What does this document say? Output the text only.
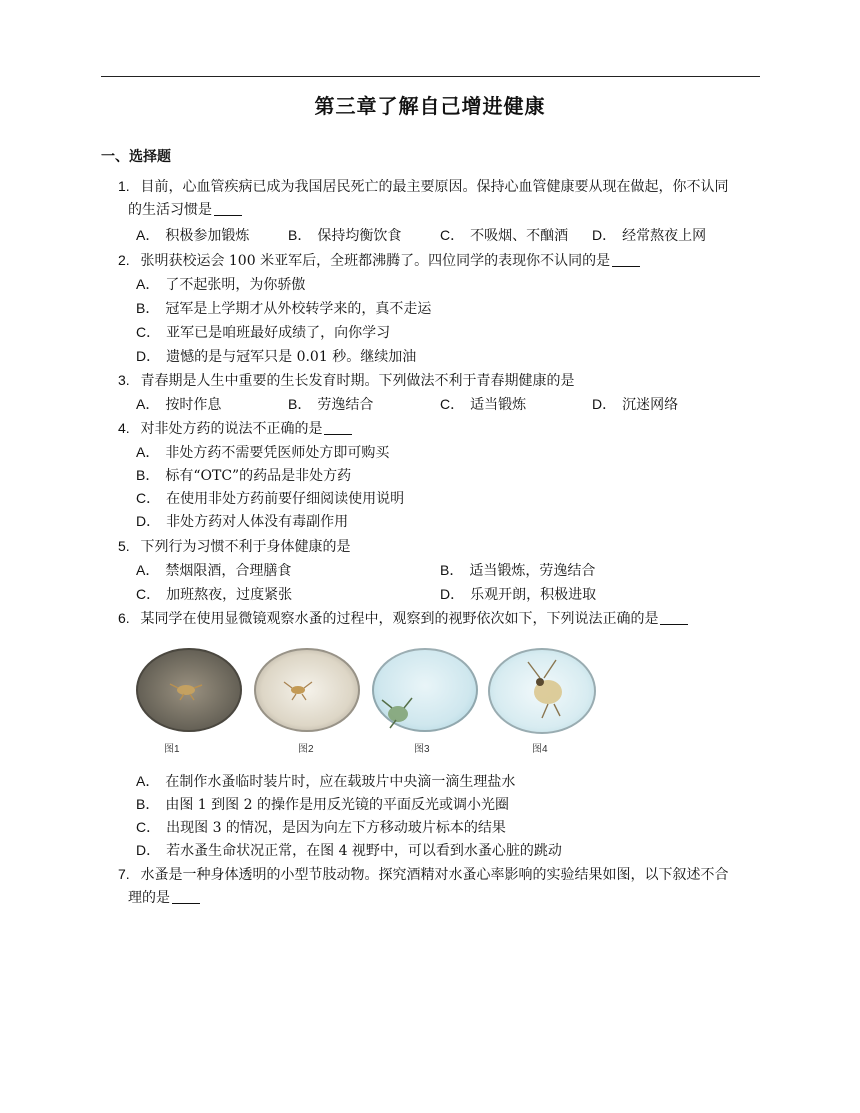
第三章了解自己增进健康
一、选择题
1. 目前，心血管疾病已成为我国居民死亡的最主要原因。保持心血管健康要从现在做起，你不认同
的生活习惯是
A． 积极参加锻炼	B． 保持均衡饮食	C． 不吸烟、不酗酒 D． 经常熬夜上网
2. 张明获校运会 100 米亚军后，全班都沸腾了。四位同学的表现你不认同的是
A． 了不起张明，为你骄傲
B． 冠军是上学期才从外校转学来的，真不走运
C． 亚军已是咱班最好成绩了，向你学习
D． 遗憾的是与冠军只是 0.01 秒。继续加油
3. 青春期是人生中重要的生长发育时期。下列做法不利于青春期健康的是
A． 按时作息	B． 劳逸结合	C． 适当锻炼	D． 沉迷网络
4. 对非处方药的说法不正确的是
A． 非处方药不需要凭医师处方即可购买
B． 标有“OTC”的药品是非处方药
C． 在使用非处方药前要仔细阅读使用说明
D． 非处方药对人体没有毒副作用
5. 下列行为习惯不利于身体健康的是
A． 禁烟限酒，合理膳食	B． 适当锻炼，劳逸结合
C． 加班熬夜，过度紧张	D． 乐观开朗，积极进取
6. 某同学在使用显微镜观察水蚤的过程中，观察到的视野依次如下，下列说法正确的是
图1	图2	图3	图4
A． 在制作水蚤临时装片时，应在载玻片中央滴一滴生理盐水
B． 由图 1 到图 2 的操作是用反光镜的平面反光或调小光圈
C． 出现图 3 的情况，是因为向左下方移动玻片标本的结果
D． 若水蚤生命状况正常，在图 4 视野中，可以看到水蚤心脏的跳动
7. 水蚤是一种身体透明的小型节肢动物。探究酒精对水蚤心率影响的实验结果如图，以下叙述不合
理的是
